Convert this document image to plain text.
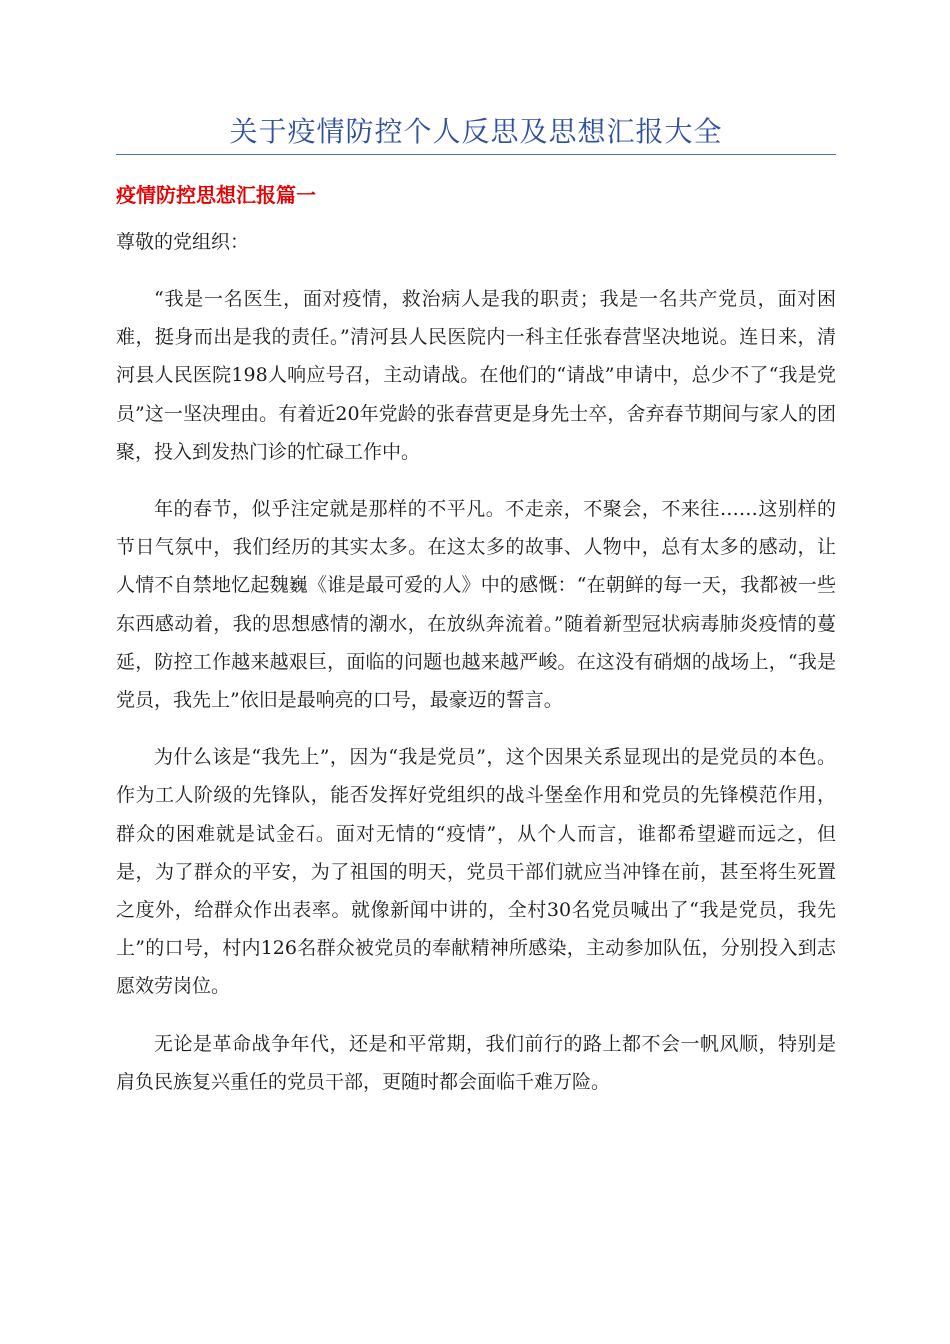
关于疫情防控个人反思及思想汇报大全
疫情防控思想汇报篇一
尊敬的党组织：

“我是一名医生，面对疫情，救治病人是我的职责；我是一名共产党员，面对困难，挺身而出是我的责任。”清河县人民医院内一科主任张春营坚决地说。连日来，清河县人民医院198人响应号召，主动请战。在他们的“请战”申请中，总少不了“我是党员”这一坚决理由。有着近20年党龄的张春营更是身先士卒，舍弃春节期间与家人的团聚，投入到发热门诊的忙碌工作中。

年的春节，似乎注定就是那样的不平凡。不走亲，不聚会，不来往……这别样的节日气氛中，我们经历的其实太多。在这太多的故事、人物中，总有太多的感动，让人情不自禁地忆起魏巍《谁是最可爱的人》中的感慨：“在朝鲜的每一天，我都被一些东西感动着，我的思想感情的潮水，在放纵奔流着。”随着新型冠状病毒肺炎疫情的蔓延，防控工作越来越艰巨，面临的问题也越来越严峻。在这没有硝烟的战场上，“我是党员，我先上”依旧是最响亮的口号，最豪迈的誓言。

为什么该是“我先上”，因为“我是党员”，这个因果关系显现出的是党员的本色。作为工人阶级的先锋队，能否发挥好党组织的战斗堡垒作用和党员的先锋模范作用，群众的困难就是试金石。面对无情的“疫情”，从个人而言，谁都希望避而远之，但是，为了群众的平安，为了祖国的明天，党员干部们就应当冲锋在前，甚至将生死置之度外，给群众作出表率。就像新闻中讲的，全村30名党员喊出了“我是党员，我先上”的口号，村内126名群众被党员的奉献精神所感染，主动参加队伍，分别投入到志愿效劳岗位。

无论是革命战争年代，还是和平常期，我们前行的路上都不会一帆风顺，特别是肩负民族复兴重任的党员干部，更随时都会面临千难万险。
